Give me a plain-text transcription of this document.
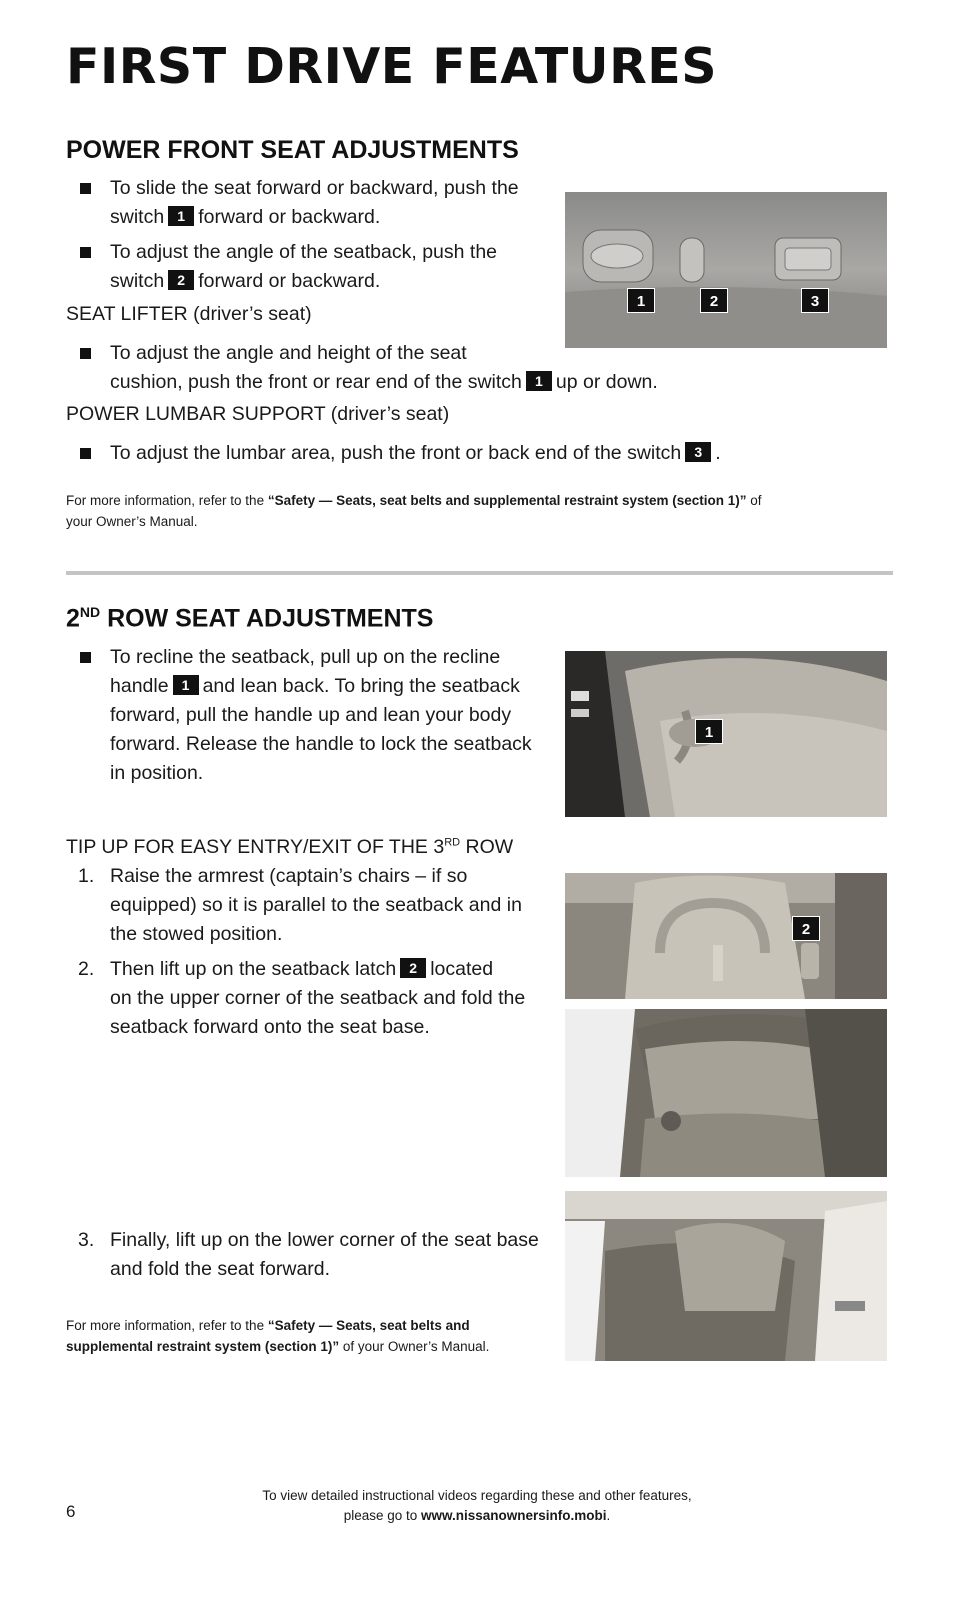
FIRST DRIVE FEATURES
POWER FRONT SEAT ADJUSTMENTS
To slide the seat forward or backward, push the
switch 1 forward or backward.
To adjust the angle of the seatback, push the
switch 2 forward or backward.
SEAT LIFTER (driver’s seat)
To adjust the angle and height of the seat
cushion, push the front or rear end of the switch 1 up or down.
POWER LUMBAR SUPPORT (driver’s seat)
To adjust the lumbar area, push the front or back end of the switch 3 .
For more information, refer to the “Safety — Seats, seat belts and supplemental restraint system (section 1)” of
your Owner’s Manual.
1	2	3
2ND ROW SEAT ADJUSTMENTS
To recline the seatback, pull up on the recline
handle 1 and lean back. To bring the seatback
forward, pull the handle up and lean your body
forward. Release the handle to lock the seatback
in position.
TIP UP FOR EASY ENTRY/EXIT OF THE 3RD ROW
1. Raise the armrest (captain’s chairs – if so
equipped) so it is parallel to the seatback and in
the stowed position.
2. Then lift up on the seatback latch 2 located
on the upper corner of the seatback and fold the
seatback forward onto the seat base.
3. Finally, lift up on the lower corner of the seat base
and fold the seat forward.
For more information, refer to the “Safety — Seats, seat belts and
supplemental restraint system (section 1)” of your Owner’s Manual.
1
2
To view detailed instructional videos regarding these and other features,
please go to www.nissanownersinfo.mobi.
6
